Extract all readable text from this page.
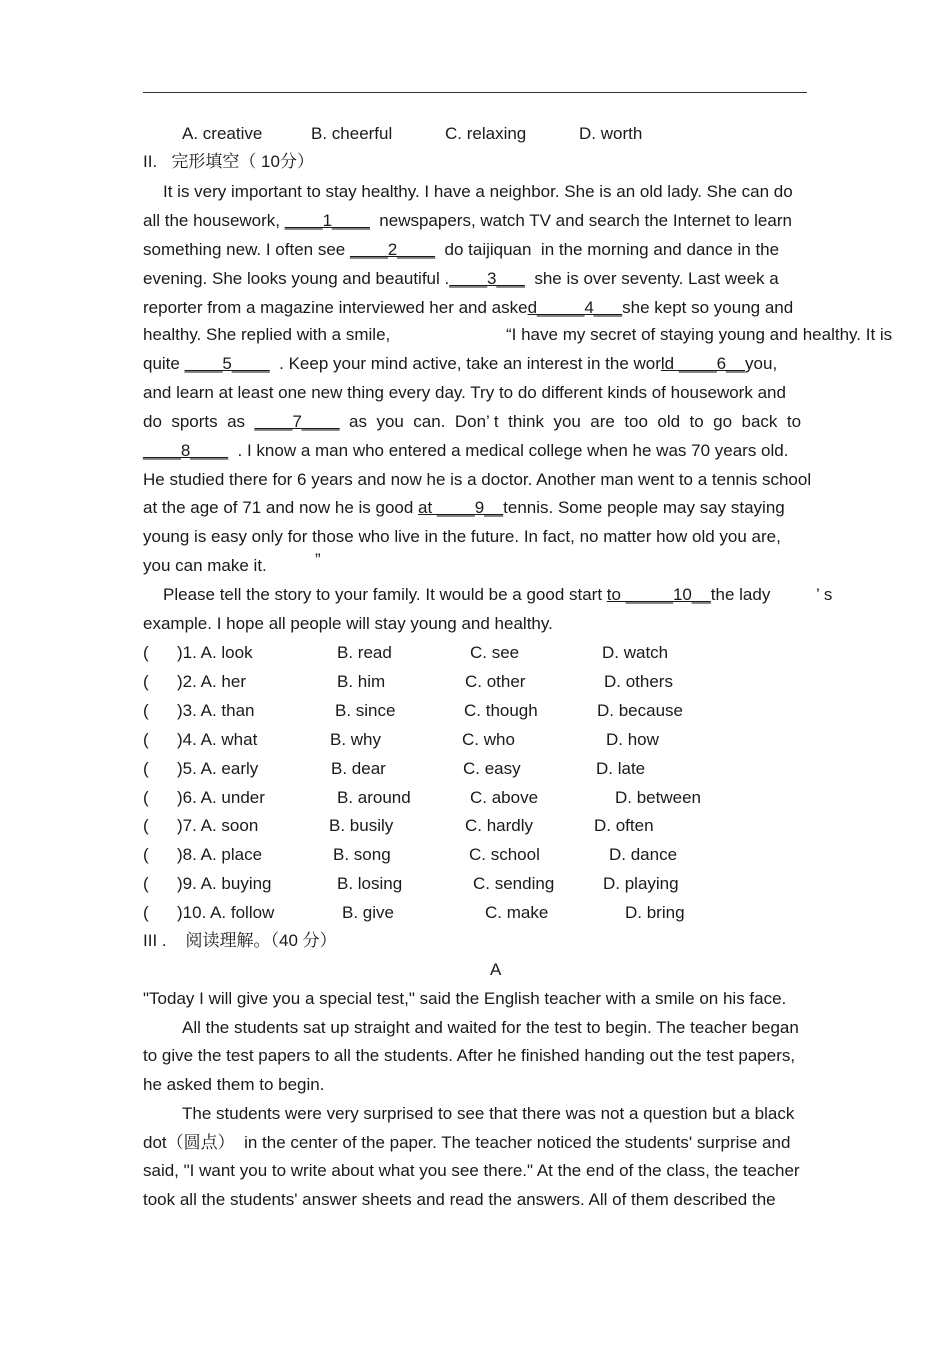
A. creative	B. cheerful	C. relaxing	D. worth
II.   完形填空（ 10分）
It is very important to stay healthy. I have a neighbor. She is an old lady. She can do
all the housework, ____1____  newspapers, watch TV and search the Internet to learn
something new. I often see ____2____  do taijiquan  in the morning and dance in the
evening. She looks young and beautiful .____3___  she is over seventy. Last week a
reporter from a magazine interviewed her and asked_____4___she kept so young and
healthy. She replied with a smile,	“I have my secret of staying young and healthy. It is
quite ____5____  . Keep your mind active, take an interest in the world ____6__you,
and learn at least one new thing every day. Try to do different kinds of housework and
do  sports  as  ____7____  as  you  can.  Don’ t  think  you  are  too  old  to  go  back  to
____8____  . I know a man who entered a medical college when he was 70 years old.
He studied there for 6 years and now he is a doctor. Another man went to a tennis school
at the age of 71 and now he is good at ____9__tennis. Some people may say staying
young is easy only for those who live in the future. In fact, no matter how old you are,
you can make it.	”
Please tell the story to your family. It would be a good start to _____10__the lady	’ s
example. I hope all people will stay young and healthy.
(      )1. A. look	B. read	C. see	D. watch
(      )2. A. her	B. him	C. other	D. others
(      )3. A. than	B. since	C. though	D. because
(      )4. A. what	B. why	C. who	D. how
(      )5. A. early	B. dear	C. easy	D. late
(      )6. A. under	B. around	C. above	D. between
(      )7. A. soon	B. busily	C. hardly	D. often
(      )8. A. place	B. song	C. school	D. dance
(      )9. A. buying	B. losing	C. sending	D. playing
(      )10. A. follow	B. give	C. make	D. bring
III .    阅读理解。（40 分）
A
"Today I will give you a special test," said the English teacher with a smile on his face.
All the students sat up straight and waited for the test to begin. The teacher began
to give the test papers to all the students. After he finished handing out the test papers,
he asked them to begin.
The students were very surprised to see that there was not a question but a black
dot（圆点）  in the center of the paper. The teacher noticed the students' surprise and
said, "I want you to write about what you see there." At the end of the class, the teacher
took all the students' answer sheets and read the answers. All of them described the
